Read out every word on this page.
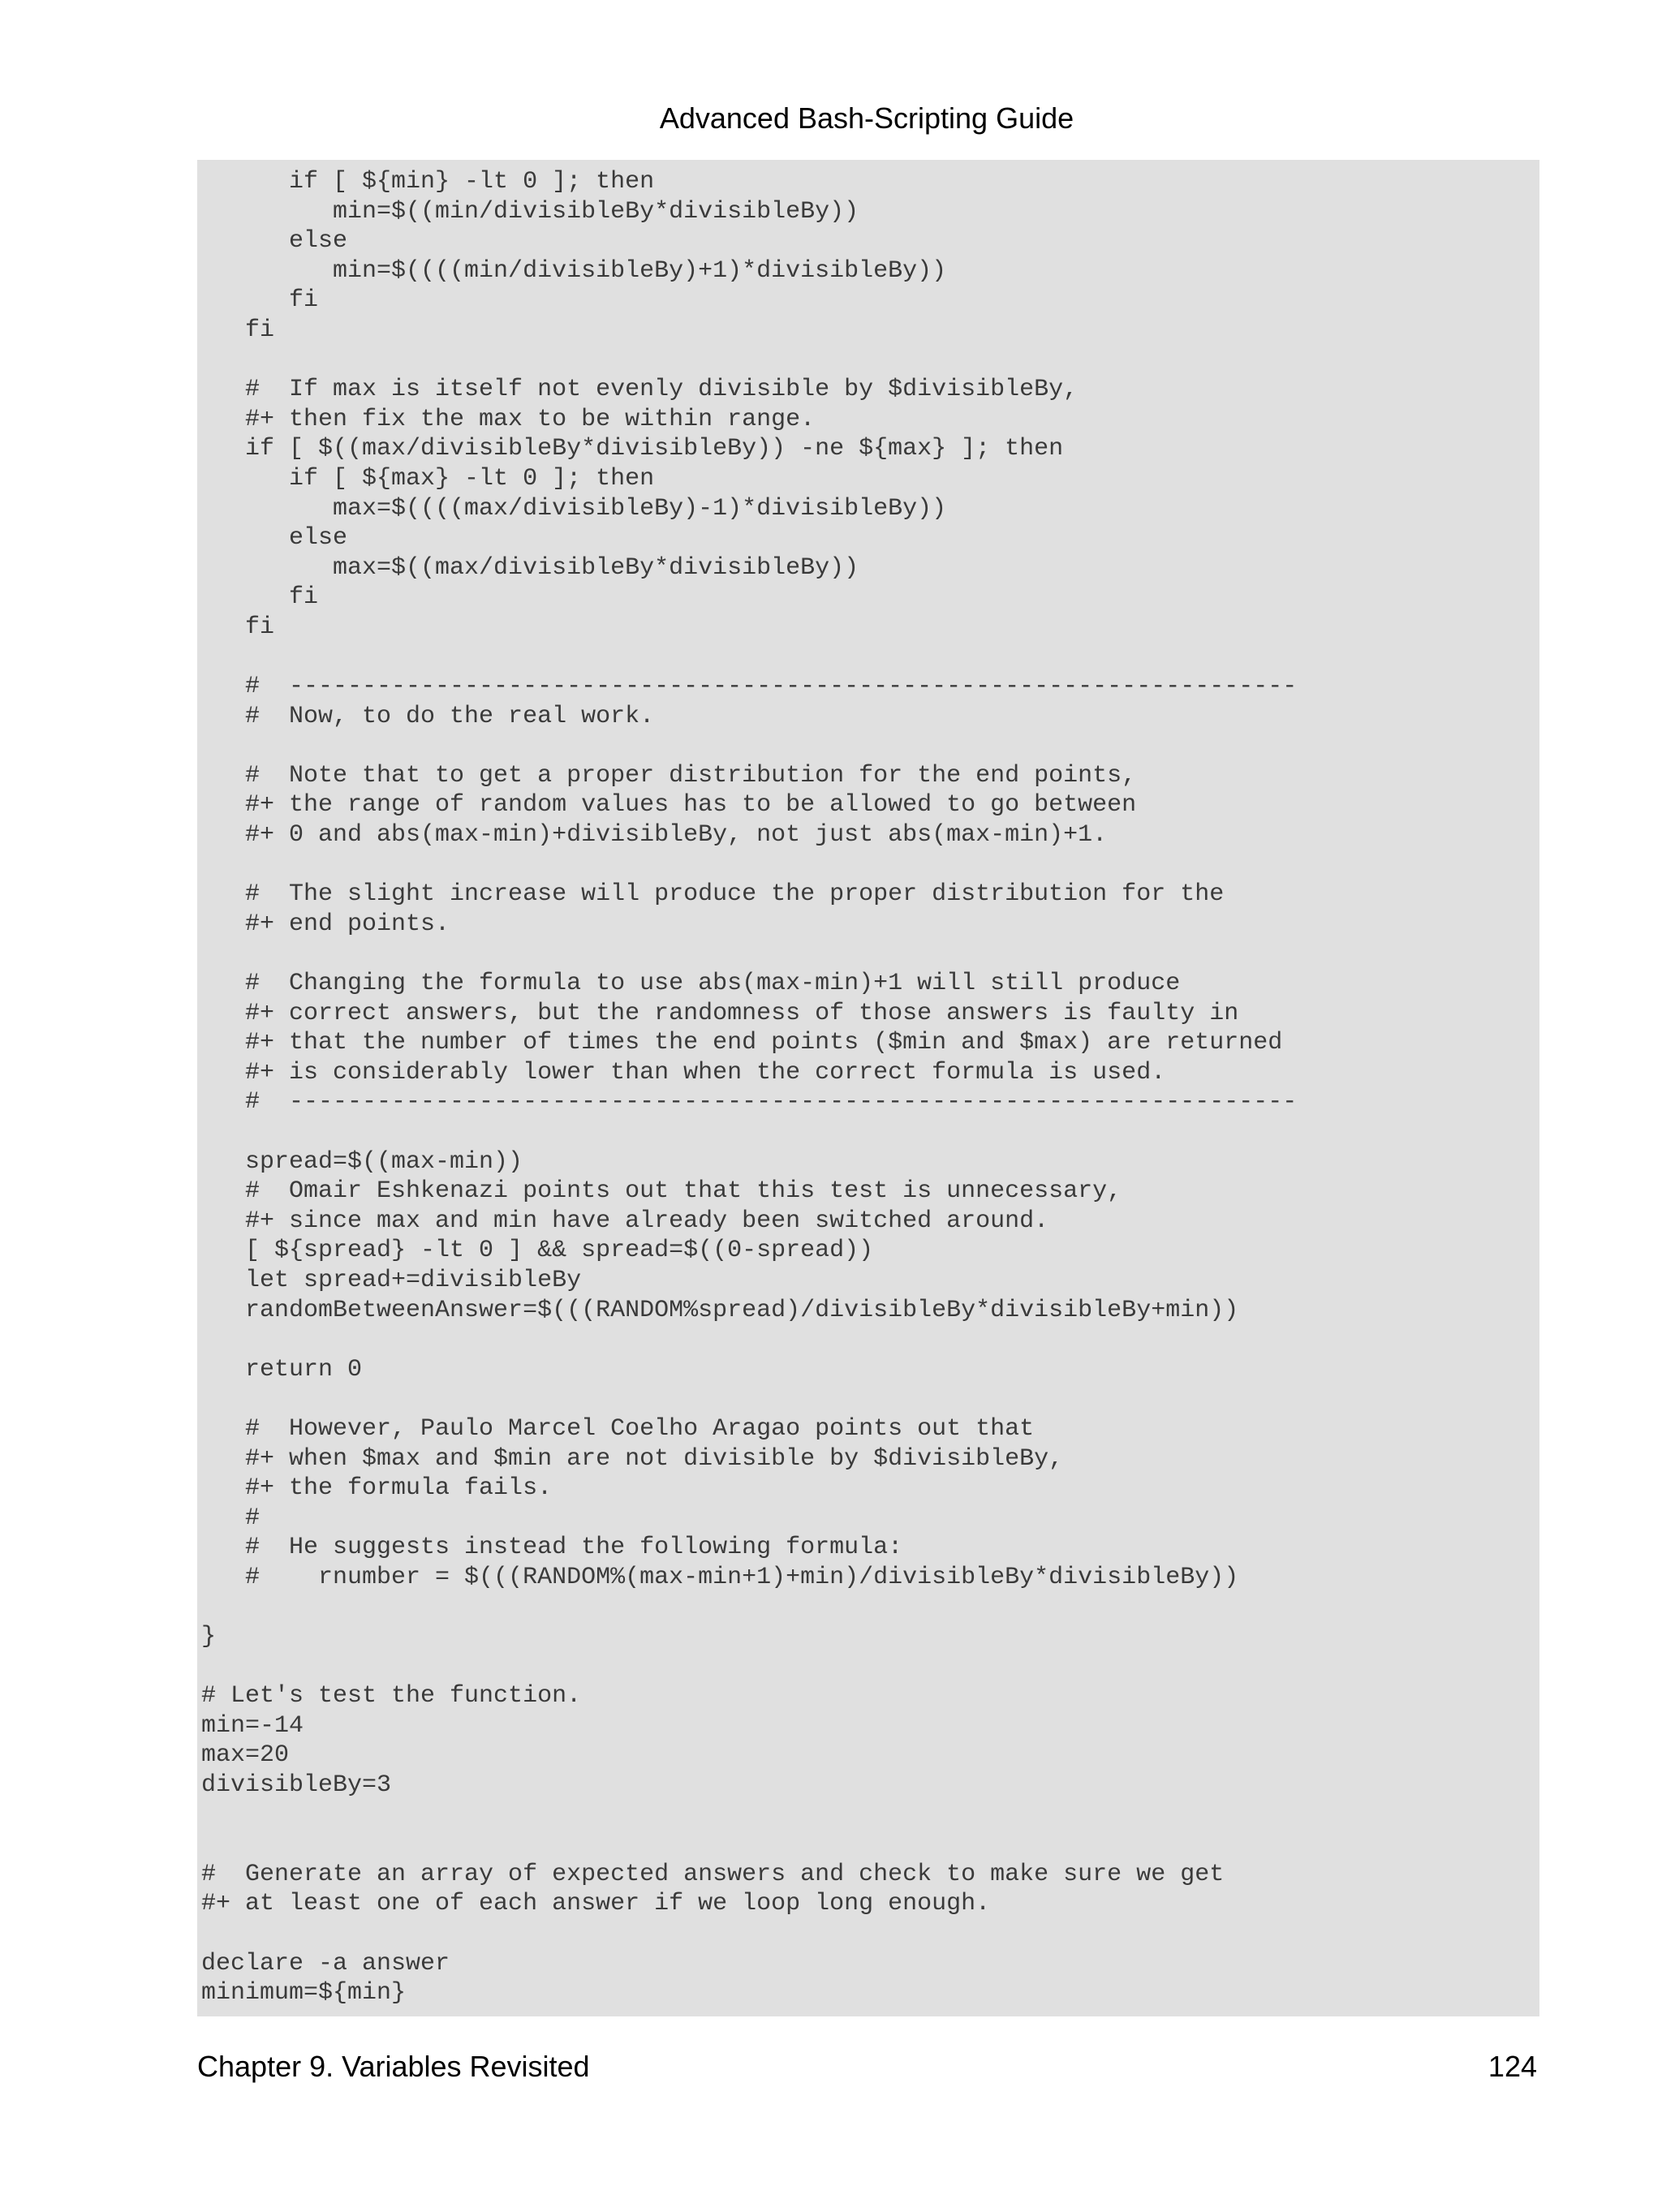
Advanced Bash-Scripting Guide
if [ ${min} -lt 0 ]; then
min=$((min/divisibleBy*divisibleBy))
else
min=$((((min/divisibleBy)+1)*divisibleBy))
fi
fi
#  If max is itself not evenly divisible by $divisibleBy,
#+ then fix the max to be within range.
if [ $((max/divisibleBy*divisibleBy)) -ne ${max} ]; then
if [ ${max} -lt 0 ]; then
max=$((((max/divisibleBy)-1)*divisibleBy))
else
max=$((max/divisibleBy*divisibleBy))
fi
fi
#  ---------------------------------------------------------------------
#  Now, to do the real work.
#  Note that to get a proper distribution for the end points,
#+ the range of random values has to be allowed to go between
#+ 0 and abs(max-min)+divisibleBy, not just abs(max-min)+1.
#  The slight increase will produce the proper distribution for the
#+ end points.
#  Changing the formula to use abs(max-min)+1 will still produce
#+ correct answers, but the randomness of those answers is faulty in
#+ that the number of times the end points ($min and $max) are returned
#+ is considerably lower than when the correct formula is used.
#  ---------------------------------------------------------------------
spread=$((max-min))
#  Omair Eshkenazi points out that this test is unnecessary,
#+ since max and min have already been switched around.
[ ${spread} -lt 0 ] && spread=$((0-spread))
let spread+=divisibleBy
randomBetweenAnswer=$(((RANDOM%spread)/divisibleBy*divisibleBy+min))
return 0
#  However, Paulo Marcel Coelho Aragao points out that
#+ when $max and $min are not divisible by $divisibleBy,
#+ the formula fails.
#
#  He suggests instead the following formula:
#    rnumber = $(((RANDOM%(max-min+1)+min)/divisibleBy*divisibleBy))
}
# Let's test the function.
min=-14
max=20
divisibleBy=3
#  Generate an array of expected answers and check to make sure we get
#+ at least one of each answer if we loop long enough.
declare -a answer
minimum=${min}
Chapter 9. Variables Revisited	124
